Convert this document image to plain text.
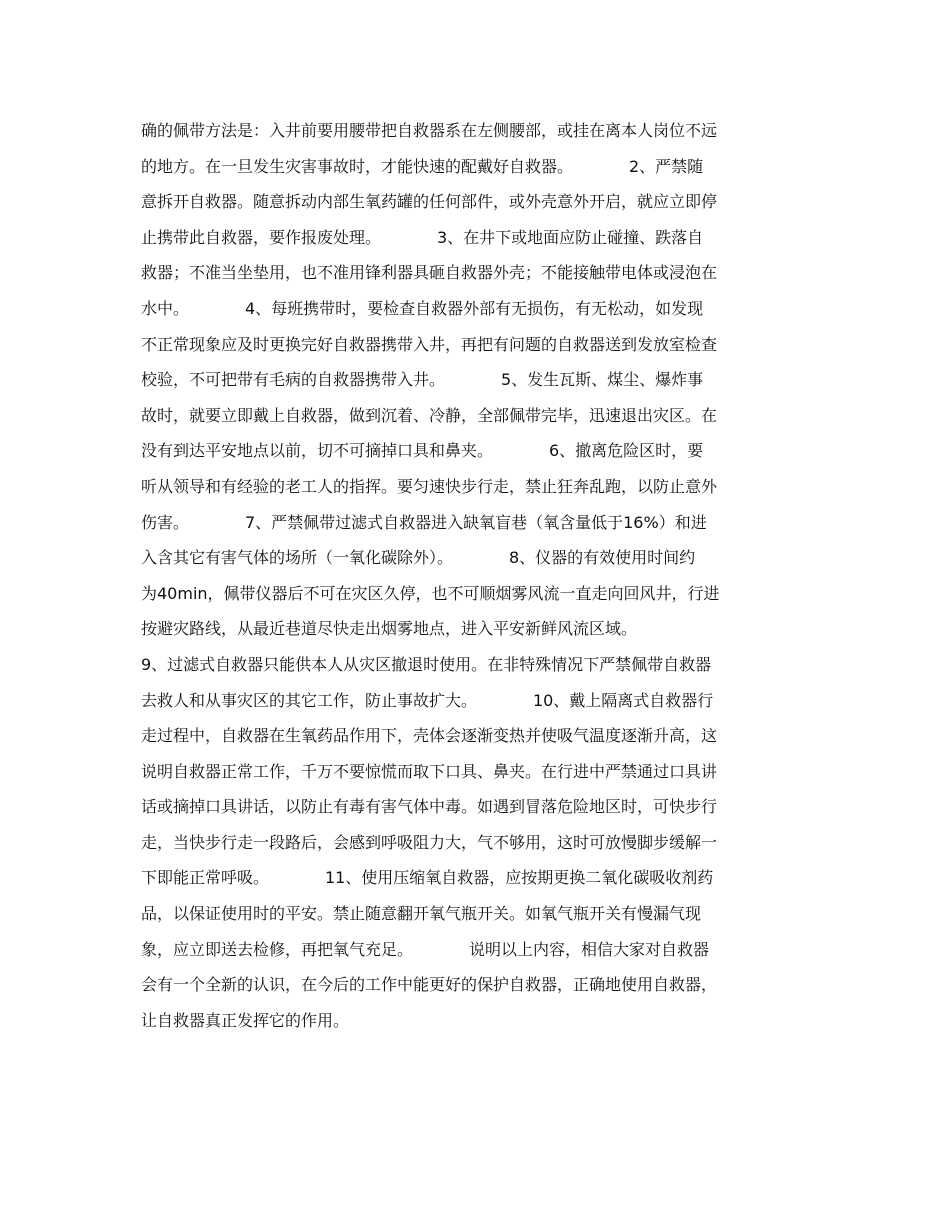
确的佩带方法是：入井前要用腰带把自救器系在左侧腰部，或挂在离本人岗位不远
的地方。在一旦发生灾害事故时，才能快速的配戴好自救器。           2、严禁随
意拆开自救器。随意拆动内部生氧药罐的任何部件，或外壳意外开启，就应立即停
止携带此自救器，要作报废处理。           3、在井下或地面应防止碰撞、跌落自
救器；不准当坐垫用，也不准用锋利器具砸自救器外壳；不能接触带电体或浸泡在
水中。           4、每班携带时，要检查自救器外部有无损伤，有无松动，如发现
不正常现象应及时更换完好自救器携带入井，再把有问题的自救器送到发放室检查
校验，不可把带有毛病的自救器携带入井。           5、发生瓦斯、煤尘、爆炸事
故时，就要立即戴上自救器，做到沉着、冷静，全部佩带完毕，迅速退出灾区。在
没有到达平安地点以前，切不可摘掉口具和鼻夹。           6、撤离危险区时，要
听从领导和有经验的老工人的指挥。要匀速快步行走，禁止狂奔乱跑，以防止意外
伤害。           7、严禁佩带过滤式自救器进入缺氧盲巷（氧含量低于16%）和进
入含其它有害气体的场所（一氧化碳除外）。           8、仪器的有效使用时间约
为40min，佩带仪器后不可在灾区久停，也不可顺烟雾风流一直走向回风井，行进
按避灾路线，从最近巷道尽快走出烟雾地点，进入平安新鲜风流区域。
9、过滤式自救器只能供本人从灾区撤退时使用。在非特殊情况下严禁佩带自救器
去救人和从事灾区的其它工作，防止事故扩大。           10、戴上隔离式自救器行
走过程中，自救器在生氧药品作用下，壳体会逐渐变热并使吸气温度逐渐升高，这
说明自救器正常工作，千万不要惊慌而取下口具、鼻夹。在行进中严禁通过口具讲
话或摘掉口具讲话，以防止有毒有害气体中毒。如遇到冒落危险地区时，可快步行
走，当快步行走一段路后，会感到呼吸阻力大，气不够用，这时可放慢脚步缓解一
下即能正常呼吸。           11、使用压缩氧自救器，应按期更换二氧化碳吸收剂药
品，以保证使用时的平安。禁止随意翻开氧气瓶开关。如氧气瓶开关有慢漏气现
象，应立即送去检修，再把氧气充足。           说明以上内容，相信大家对自救器
会有一个全新的认识，在今后的工作中能更好的保护自救器，正确地使用自救器，
让自救器真正发挥它的作用。
